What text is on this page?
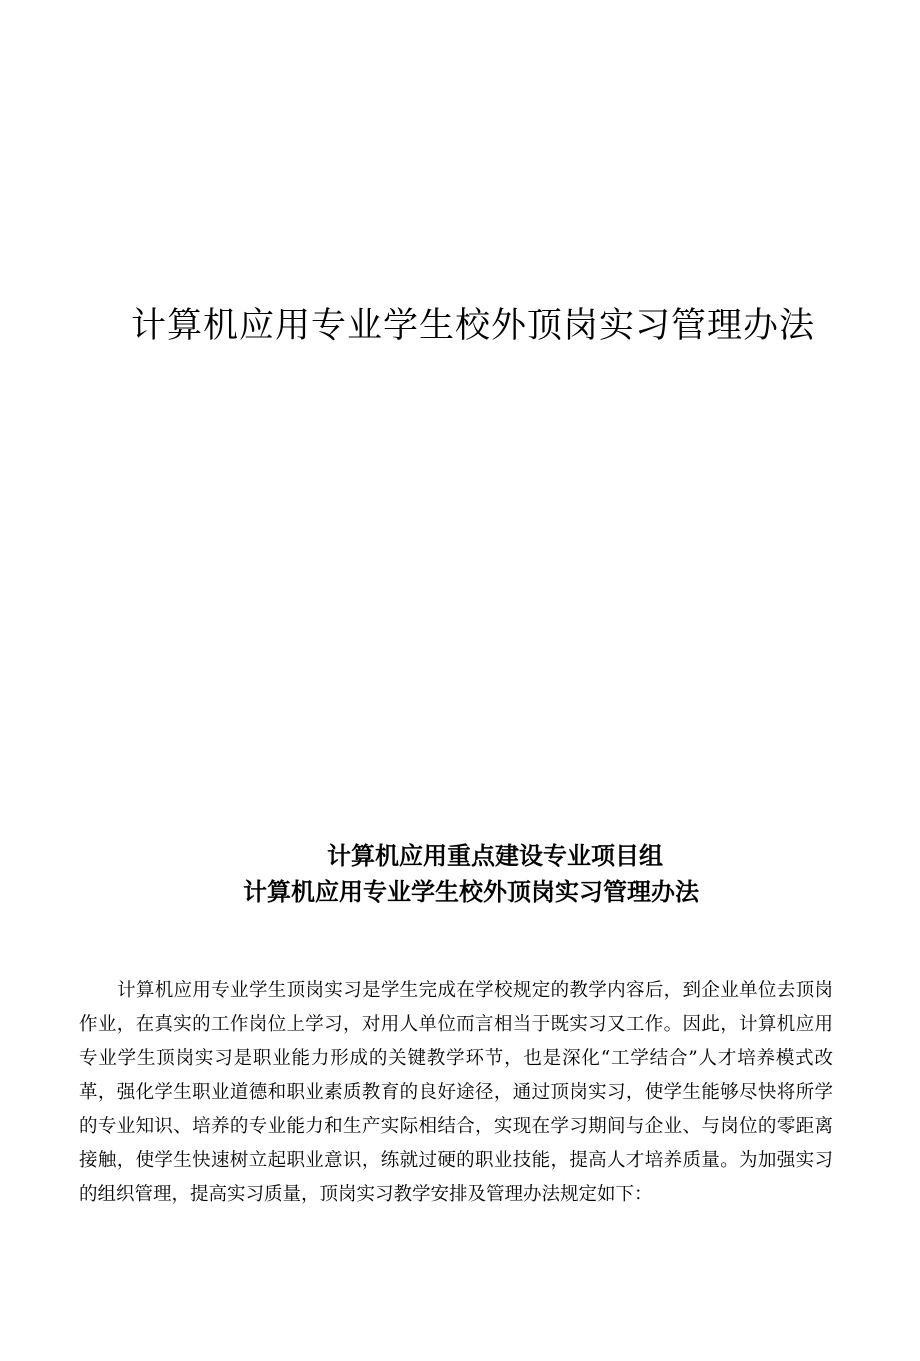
计算机应用专业学生校外顶岗实习管理办法
计算机应用重点建设专业项目组
计算机应用专业学生校外顶岗实习管理办法

计算机应用专业学生顶岗实习是学生完成在学校规定的教学内容后，到企业单位去顶岗作业，在真实的工作岗位上学习，对用人单位而言相当于既实习又工作。因此，计算机应用专业学生顶岗实习是职业能力形成的关键教学环节，也是深化“工学结合”人才培养模式改革，强化学生职业道德和职业素质教育的良好途径，通过顶岗实习，使学生能够尽快将所学的专业知识、培养的专业能力和生产实际相结合，实现在学习期间与企业、与岗位的零距离接触，使学生快速树立起职业意识，练就过硬的职业技能，提高人才培养质量。为加强实习的组织管理，提高实习质量，顶岗实习教学安排及管理办法规定如下：
